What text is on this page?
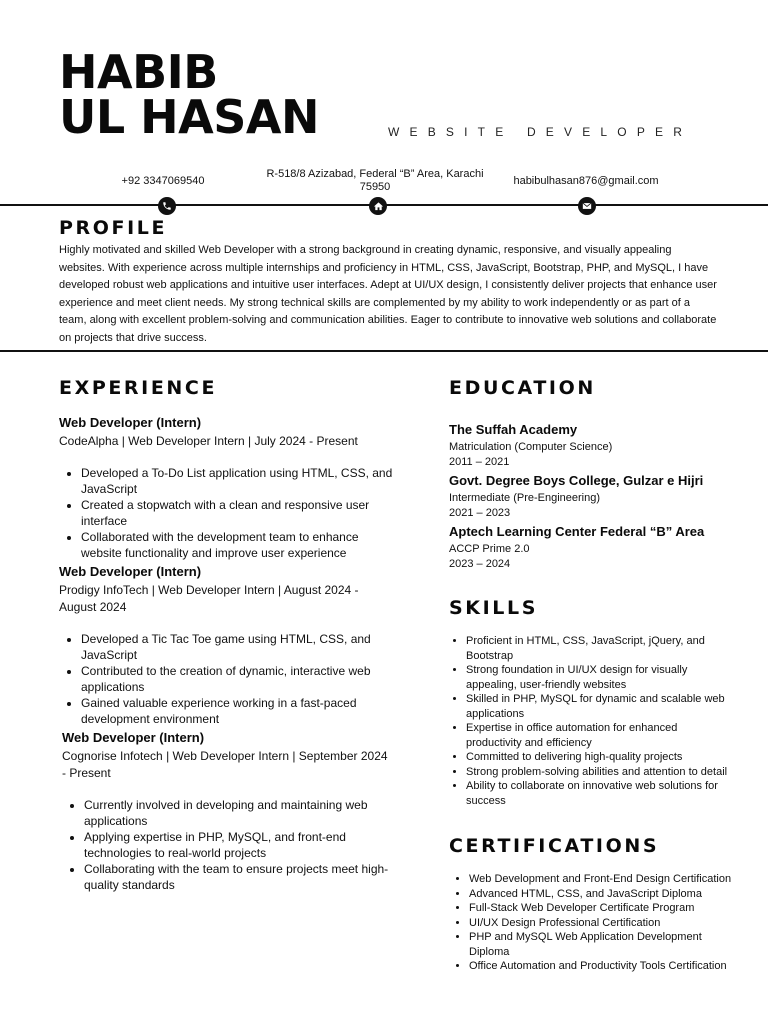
HABIB
UL HASAN	WEBSITE DEVELOPER
+92 3347069540
R-518/8 Azizabad, Federal “B” Area, Karachi 75950	habibulhasan876@gmail.com
PROFILE
Highly motivated and skilled Web Developer with a strong background in creating dynamic, responsive, and visually appealing websites. With experience across multiple internships and proficiency in HTML, CSS, JavaScript, Bootstrap, PHP, and MySQL, I have developed robust web applications and intuitive user interfaces. Adept at UI/UX design, I consistently deliver projects that enhance user experience and meet client needs. My strong technical skills are complemented by my ability to work independently or as part of a team, along with excellent problem-solving and communication abilities. Eager to contribute to innovative web solutions and collaborate on projects that drive success.
EXPERIENCE
Web Developer (Intern)
CodeAlpha | Web Developer Intern | July 2024 - Present
• Developed a To-Do List application using HTML, CSS, and JavaScript
• Created a stopwatch with a clean and responsive user interface
• Collaborated with the development team to enhance website functionality and improve user experience
Web Developer (Intern)
Prodigy InfoTech | Web Developer Intern | August 2024 - August 2024
• Developed a Tic Tac Toe game using HTML, CSS, and JavaScript
• Contributed to the creation of dynamic, interactive web applications
• Gained valuable experience working in a fast-paced development environment
Web Developer (Intern)
Cognorise Infotech | Web Developer Intern | September 2024 - Present
• Currently involved in developing and maintaining web applications
• Applying expertise in PHP, MySQL, and front-end technologies to real-world projects
• Collaborating with the team to ensure projects meet high-quality standards
EDUCATION
The Suffah Academy
Matriculation (Computer Science)
2011 – 2021
Govt. Degree Boys College, Gulzar e Hijri
Intermediate (Pre-Engineering)
2021 – 2023
Aptech Learning Center Federal “B” Area
ACCP Prime 2.0
2023 – 2024
SKILLS
• Proficient in HTML, CSS, JavaScript, jQuery, and Bootstrap
• Strong foundation in UI/UX design for visually appealing, user-friendly websites
• Skilled in PHP, MySQL for dynamic and scalable web applications
• Expertise in office automation for enhanced productivity and efficiency
• Committed to delivering high-quality projects
• Strong problem-solving abilities and attention to detail
• Ability to collaborate on innovative web solutions for success
CERTIFICATIONS
• Web Development and Front-End Design Certification
• Advanced HTML, CSS, and JavaScript Diploma
• Full-Stack Web Developer Certificate Program
• UI/UX Design Professional Certification
• PHP and MySQL Web Application Development Diploma
• Office Automation and Productivity Tools Certification
